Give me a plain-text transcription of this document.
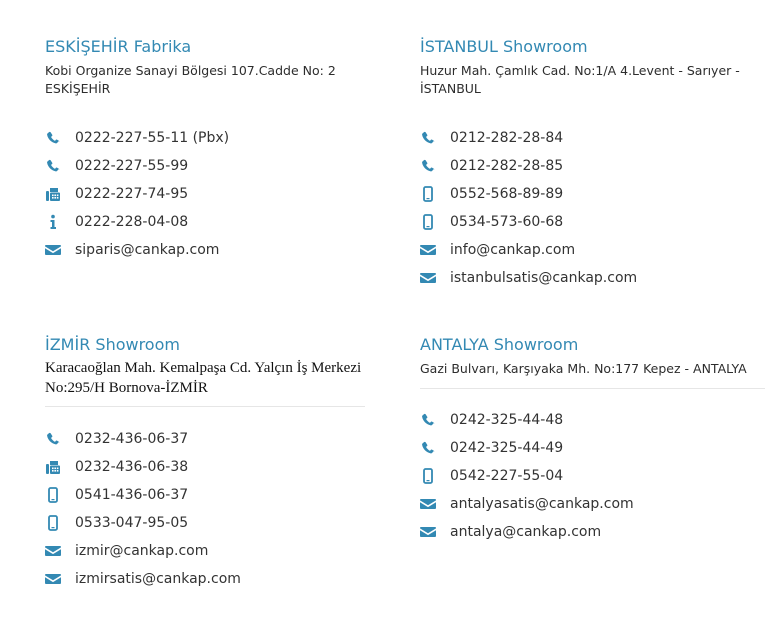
ESKİŞEHİR Fabrika
Kobi Organize Sanayi Bölgesi 107.Cadde No: 2 ESKİŞEHİR
0222-227-55-11 (Pbx)
0222-227-55-99
0222-227-74-95
0222-228-04-08
siparis@cankap.com
İSTANBUL Showroom
Huzur Mah. Çamlık Cad. No:1/A 4.Levent - Sarıyer - İSTANBUL
0212-282-28-84
0212-282-28-85
0552-568-89-89
0534-573-60-68
info@cankap.com
istanbulsatis@cankap.com
İZMİR Showroom
Karacaoğlan Mah. Kemalpaşa Cd. Yalçın İş Merkezi No:295/H Bornova-İZMİR
0232-436-06-37
0232-436-06-38
0541-436-06-37
0533-047-95-05
izmir@cankap.com
izmirsatis@cankap.com
ANTALYA Showroom
Gazi Bulvarı, Karşıyaka Mh. No:177 Kepez - ANTALYA
0242-325-44-48
0242-325-44-49
0542-227-55-04
antalyasatis@cankap.com
antalya@cankap.com
